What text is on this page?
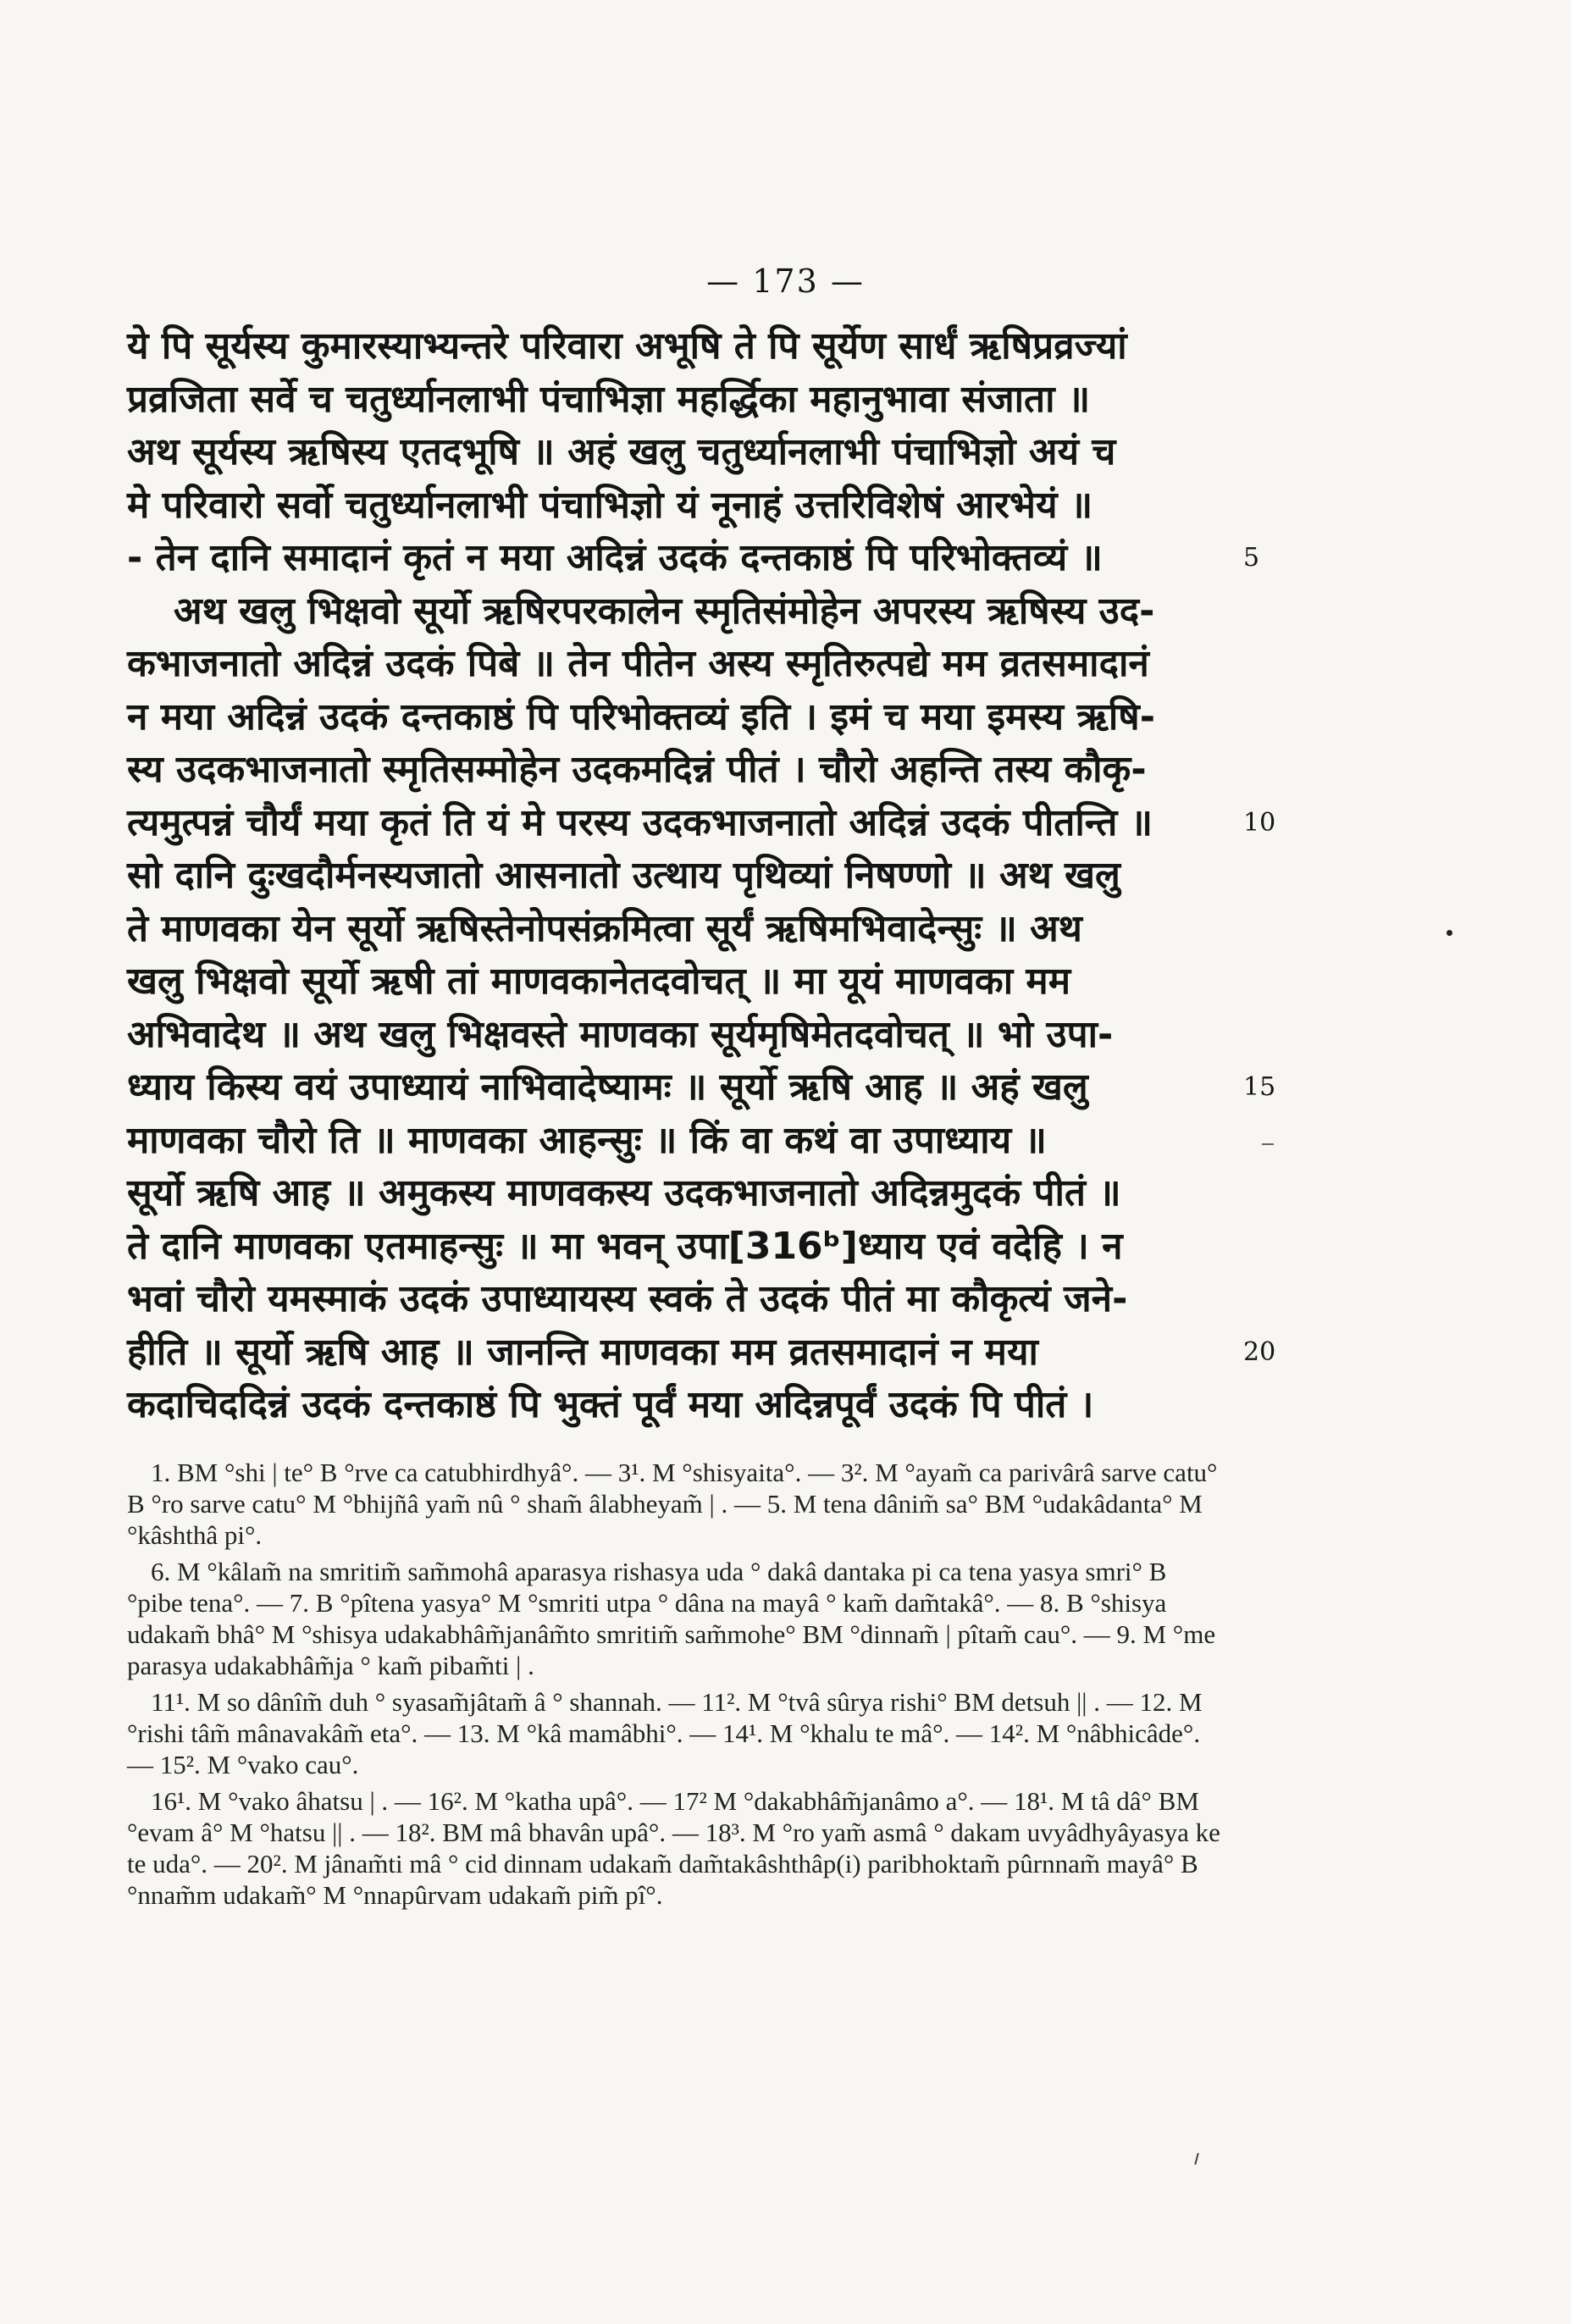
— 173 —
ये पि सूर्यस्य कुमारस्याभ्यन्तरे परिवारा अभूषि ते पि सूर्येण सार्धं ऋषिप्रव्रज्यां
प्रव्रजिता सर्वे च चतुर्ध्यानलाभी पंचाभिज्ञा महर्द्धिका महानुभावा संजाता ॥
अथ सूर्यस्य ऋषिस्य एतदभूषि ॥ अहं खलु चतुर्ध्यानलाभी पंचाभिज्ञो अयं च
मे परिवारो सर्वो चतुर्ध्यानलाभी पंचाभिज्ञो यं नूनाहं उत्तरिविशेषं आरभेयं ॥
- तेन दानि समादानं कृतं न मया अदिन्नं उदकं दन्तकाष्ठं पि परिभोक्तव्यं ॥	5
अथ खलु भिक्षवो सूर्यो ऋषिरपरकालेन स्मृतिसंमोहेन अपरस्य ऋषिस्य उद-
कभाजनातो अदिन्नं उदकं पिबे ॥ तेन पीतेन अस्य स्मृतिरुत्पद्ये मम व्रतसमादानं
न मया अदिन्नं उदकं दन्तकाष्ठं पि परिभोक्तव्यं इति । इमं च मया इमस्य ऋषि-
स्य उदकभाजनातो स्मृतिसम्मोहेन उदकमदिन्नं पीतं । चौरो अहन्ति तस्य कौकृ-
त्यमुत्पन्नं चौर्यं मया कृतं ति यं मे परस्य उदकभाजनातो अदिन्नं उदकं पीतन्ति ॥	10
सो दानि दुःखदौर्मनस्यजातो आसनातो उत्थाय पृथिव्यां निषण्णो ॥ अथ खलु
ते माणवका येन सूर्यो ऋषिस्तेनोपसंक्रमित्वा सूर्यं ऋषिमभिवादेन्सुः ॥ अथ
खलु भिक्षवो सूर्यो ऋषी तां माणवकानेतदवोचत् ॥ मा यूयं माणवका मम
अभिवादेथ ॥ अथ खलु भिक्षवस्ते माणवका सूर्यमृषिमेतदवोचत् ॥ भो उपा-
ध्याय किस्य वयं उपाध्यायं नाभिवादेष्यामः ॥ सूर्यो ऋषि आह ॥ अहं खलु	15
माणवका चौरो ति ॥ माणवका आहन्सुः ॥ किं वा कथं वा उपाध्याय ॥
सूर्यो ऋषि आह ॥ अमुकस्य माणवकस्य उदकभाजनातो अदिन्नमुदकं पीतं ॥
ते दानि माणवका एतमाहन्सुः ॥ मा भवन् उपा[316ᵇ]ध्याय एवं वदेहि । न
भवां चौरो यमस्माकं उदकं उपाध्यायस्य स्वकं ते उदकं पीतं मा कौकृत्यं जने-
हीति ॥ सूर्यो ऋषि आह ॥ जानन्ति माणवका मम व्रतसमादानं न मया	20
कदाचिददिन्नं उदकं दन्तकाष्ठं पि भुक्तं पूर्वं मया अदिन्नपूर्वं उदकं पि पीतं ।

1. BM °shi | te° B °rve ca catubhirdhyâ°. — 3¹. M °shisyaita°. — 3². M °ayam̃ ca parivârâ sarve catu° B °ro sarve catu° M °bhijñâ yam̃ nû ° sham̃ âlabheyam̃ | . — 5. M tena dânim̃ sa° BM °udakâdanta° M °kâshthâ pi°.

6. M °kâlam̃ na smritim̃ sam̃mohâ aparasya rishasya uda ° dakâ dantaka pi ca tena yasya smri° B °pibe tena°. — 7. B °pîtena yasya° M °smriti utpa ° dâna na mayâ ° kam̃ dam̃takâ°. — 8. B °shisya udakam̃ bhâ° M °shisya udakabhâm̃janâm̃to smritim̃ sam̃mohe° BM °dinnam̃ | pîtam̃ cau°. — 9. M °me parasya udakabhâm̃ja ° kam̃ pibam̃ti | .

11¹. M so dânîm̃ duh ° syasam̃jâtam̃ â ° shannah. — 11². M °tvâ sûrya rishi° BM detsuh || . — 12. M °rishi tâm̃ mânavakâm̃ eta°. — 13. M °kâ mamâbhi°. — 14¹. M °khalu te mâ°. — 14². M °nâbhicâde°. — 15². M °vako cau°.

16¹. M °vako âhatsu | . — 16². M °katha upâ°. — 17² M °dakabhâm̃janâmo a°. — 18¹. M tâ dâ° BM °evam â° M °hatsu || . — 18². BM mâ bhavân upâ°. — 18³. M °ro yam̃ asmâ ° dakam uvyâdhyâyasya ke te uda°. — 20². M jânam̃ti mâ ° cid dinnam udakam̃ dam̃takâshthâp(i) paribhoktam̃ pûrnnam̃ mayâ° B °nnam̃m udakam̃° M °nnapûrvam udakam̃ pim̃ pî°.
